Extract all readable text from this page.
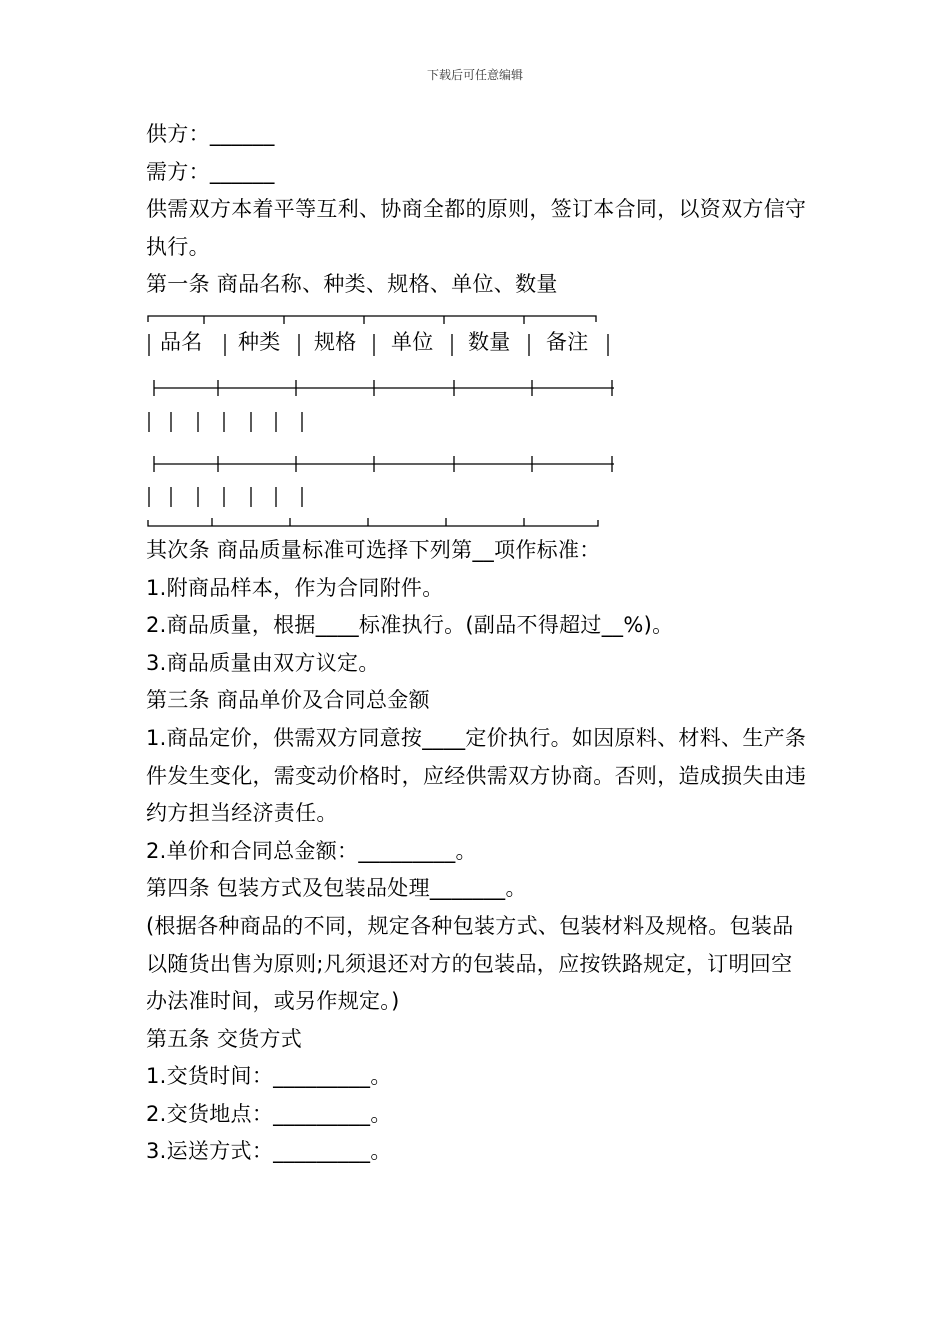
下载后可任意编辑
供方：______
需方：______
供需双方本着平等互利、协商全都的原则，签订本合同，以资双方信守执行。
第一条 商品名称、种类、规格、单位、数量
品名 种类 规格 单位 数量 备注
其次条 商品质量标准可选择下列第__项作标准：
1.附商品样本，作为合同附件。
2.商品质量，根据____标准执行。(副品不得超过__%)。
3.商品质量由双方议定。
第三条 商品单价及合同总金额
1.商品定价，供需双方同意按____定价执行。如因原料、材料、生产条件发生变化，需变动价格时，应经供需双方协商。否则，造成损失由违约方担当经济责任。
2.单价和合同总金额：_________。
第四条 包装方式及包装品处理_______。
(根据各种商品的不同，规定各种包装方式、包装材料及规格。包装品以随货出售为原则;凡须退还对方的包装品，应按铁路规定，订明回空办法准时间，或另作规定。)
第五条 交货方式
1.交货时间：_________。
2.交货地点：_________。
3.运送方式：_________。
